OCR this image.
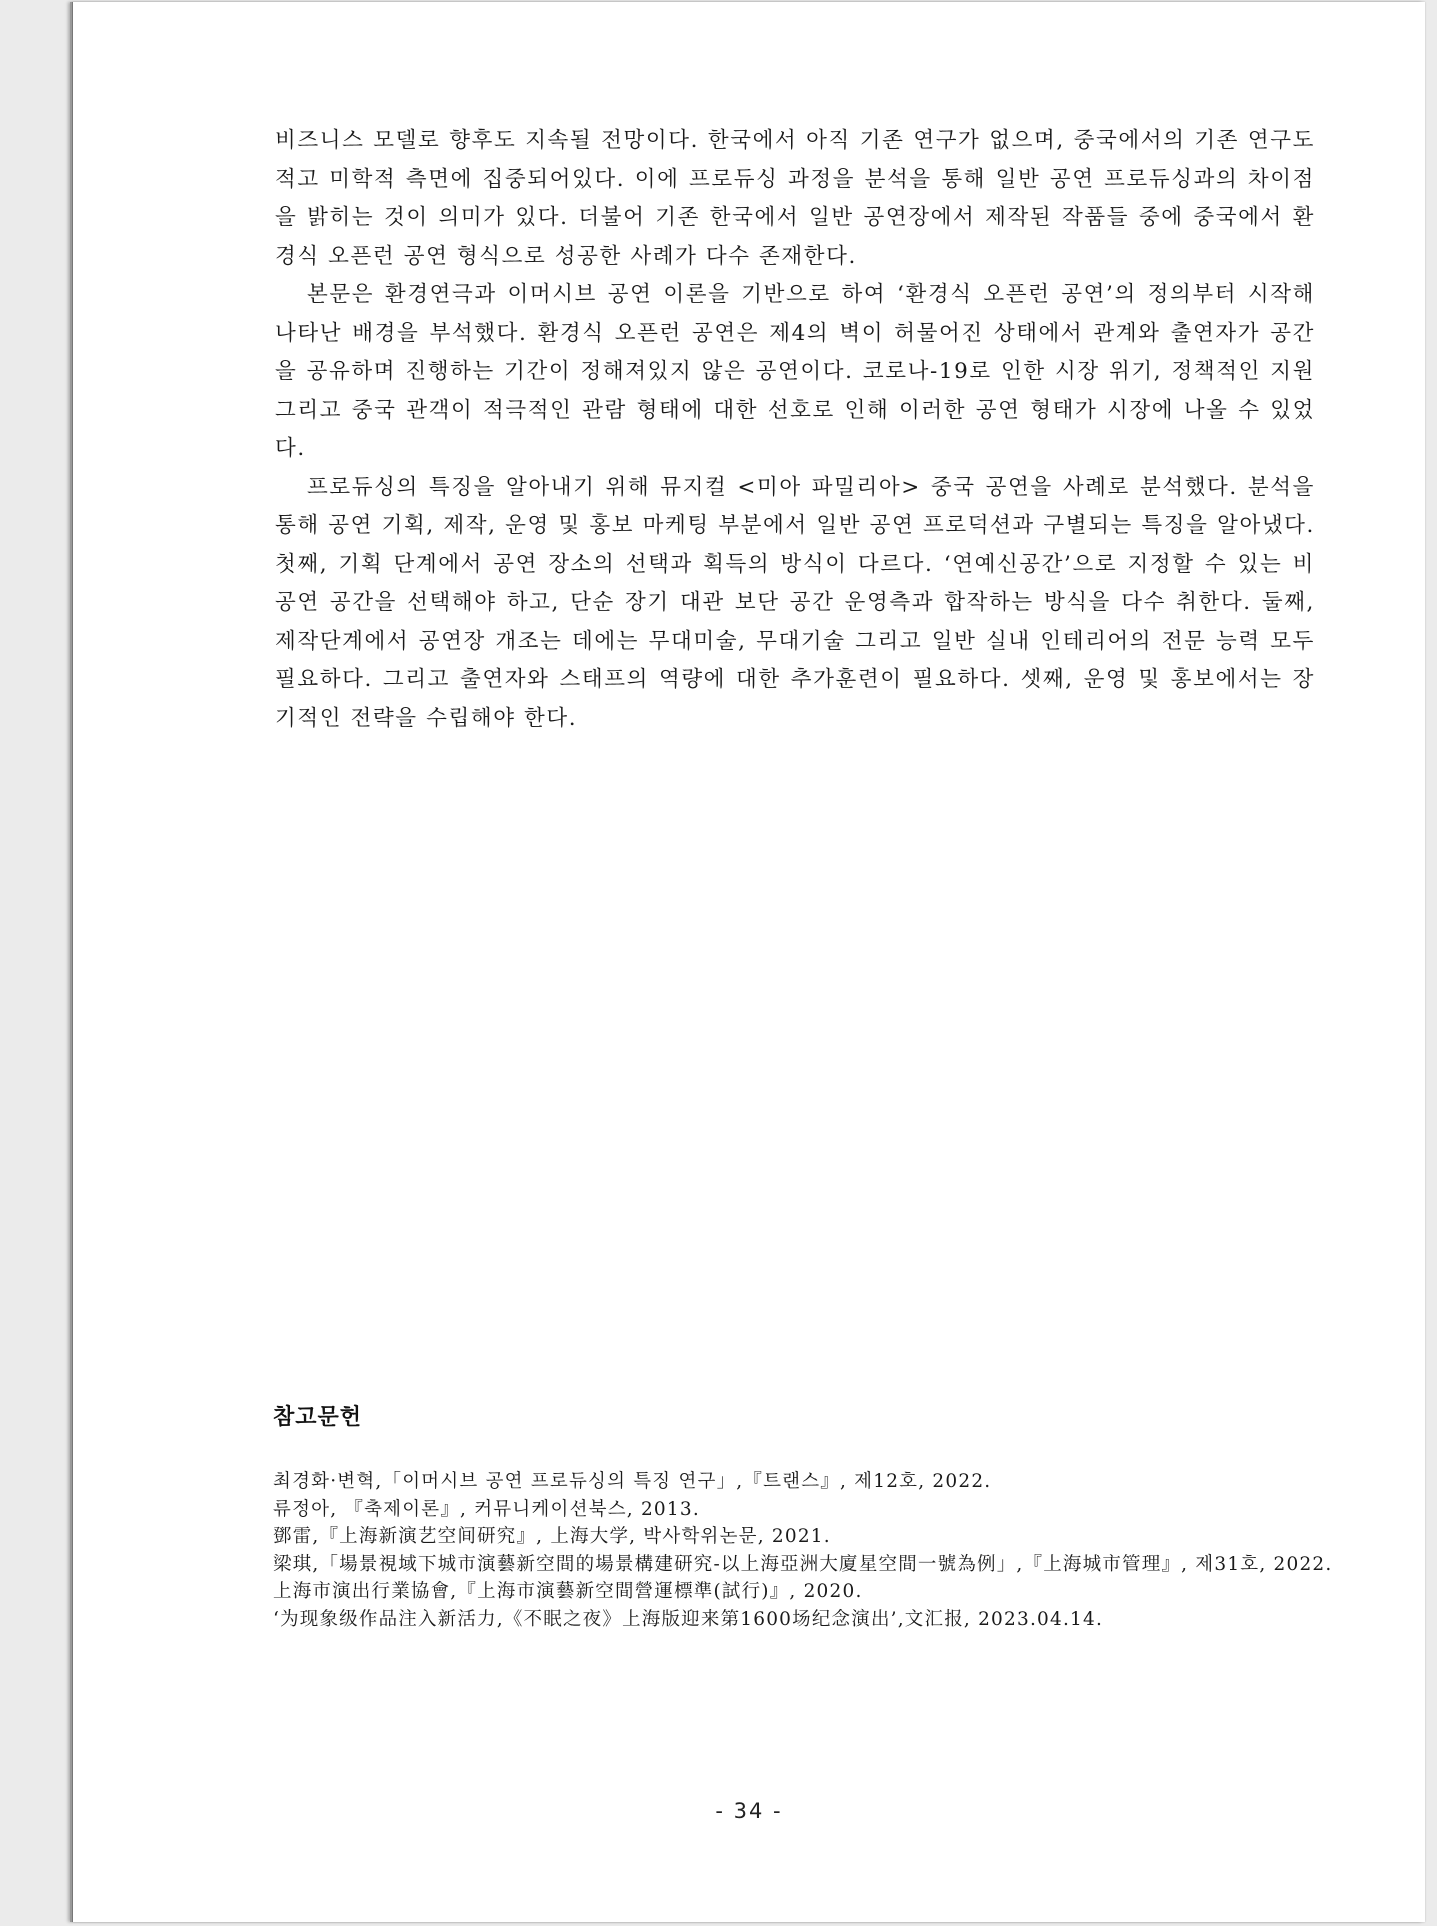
비즈니스 모델로 향후도 지속될 전망이다. 한국에서 아직 기존 연구가 없으며, 중국에서의 기존 연구도 적고 미학적 측면에 집중되어있다. 이에 프로듀싱 과정을 분석을 통해 일반 공연 프로듀싱과의 차이점을 밝히는 것이 의미가 있다. 더불어 기존 한국에서 일반 공연장에서 제작된 작품들 중에 중국에서 환경식 오픈런 공연 형식으로 성공한 사례가 다수 존재한다.

본문은 환경연극과 이머시브 공연 이론을 기반으로 하여 ‘환경식 오픈런 공연’의 정의부터 시작해 나타난 배경을 부석했다. 환경식 오픈런 공연은 제4의 벽이 허물어진 상태에서 관계와 출연자가 공간을 공유하며 진행하는 기간이 정해져있지 않은 공연이다. 코로나-19로 인한 시장 위기, 정책적인 지원 그리고 중국 관객이 적극적인 관람 형태에 대한 선호로 인해 이러한 공연 형태가 시장에 나올 수 있었다.

프로듀싱의 특징을 알아내기 위해 뮤지컬 <미아 파밀리아> 중국 공연을 사례로 분석했다. 분석을 통해 공연 기획, 제작, 운영 및 홍보 마케팅 부분에서 일반 공연 프로덕션과 구별되는 특징을 알아냈다. 첫째, 기획 단계에서 공연 장소의 선택과 획득의 방식이 다르다. ‘연예신공간’으로 지정할 수 있는 비 공연 공간을 선택해야 하고, 단순 장기 대관 보단 공간 운영측과 합작하는 방식을 다수 취한다. 둘째, 제작단계에서 공연장 개조는 데에는 무대미술, 무대기술 그리고 일반 실내 인테리어의 전문 능력 모두 필요하다. 그리고 출연자와 스태프의 역량에 대한 추가훈련이 필요하다. 셋째, 운영 및 홍보에서는 장기적인 전략을 수립해야 한다.

참고문헌
최경화·변혁,「이머시브 공연 프로듀싱의 특징 연구」,『트랜스』, 제12호, 2022.
류정아, 『축제이론』, 커뮤니케이션북스, 2013.
鄧雷,『上海新演艺空间研究』, 上海大学, 박사학위논문, 2021.
梁琪,「場景視域下城市演藝新空間的場景構建研究-以上海亞洲大廈星空間一號為例」,『上海城市管理』, 제31호, 2022.
上海市演出行業協會,『上海市演藝新空間營運標準(試行)』, 2020.
‘为现象级作品注入新活力,《不眠之夜》上海版迎来第1600场纪念演出’,文汇报, 2023.04.14.

- 34 -
